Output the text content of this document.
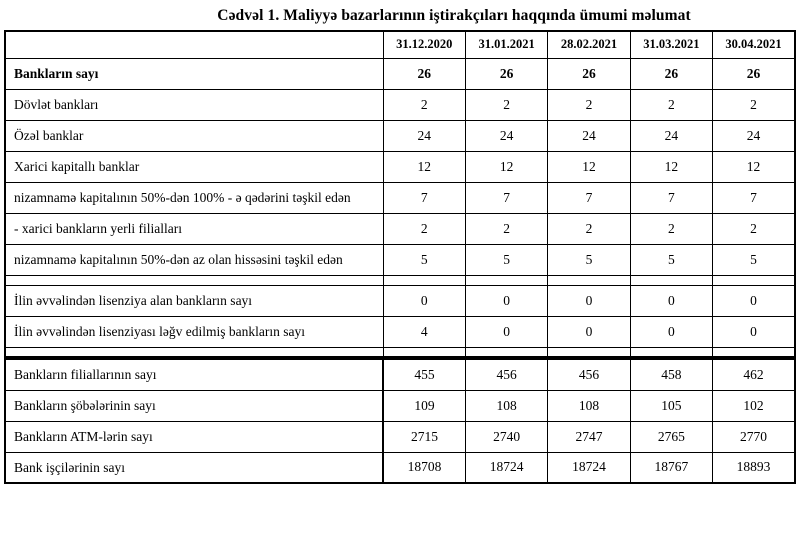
Cədvəl 1. Maliyyə bazarlarının iştirakçıları haqqında ümumi məlumat
	31.12.2020	31.01.2021	28.02.2021	31.03.2021	30.04.2021
Bankların sayı	26	26	26	26	26
Dövlət bankları	2	2	2	2	2
Özəl banklar	24	24	24	24	24
Xarici kapitallı banklar	12	12	12	12	12
nizamnamə kapitalının 50%-dən 100% - ə qədərini təşkil edən	7	7	7	7	7
- xarici bankların yerli filialları	2	2	2	2	2
nizamnamə kapitalının 50%-dən az olan hissəsini təşkil edən	5	5	5	5	5

İlin əvvəlindən lisenziya alan bankların sayı	0	0	0	0	0
İlin əvvəlindən lisenziyası ləğv edilmiş bankların sayı	4	0	0	0	0

Bankların filiallarının sayı	455	456	456	458	462
Bankların şöbələrinin sayı	109	108	108	105	102
Bankların ATM-lərin sayı	2715	2740	2747	2765	2770
Bank işçilərinin sayı	18708	18724	18724	18767	18893
